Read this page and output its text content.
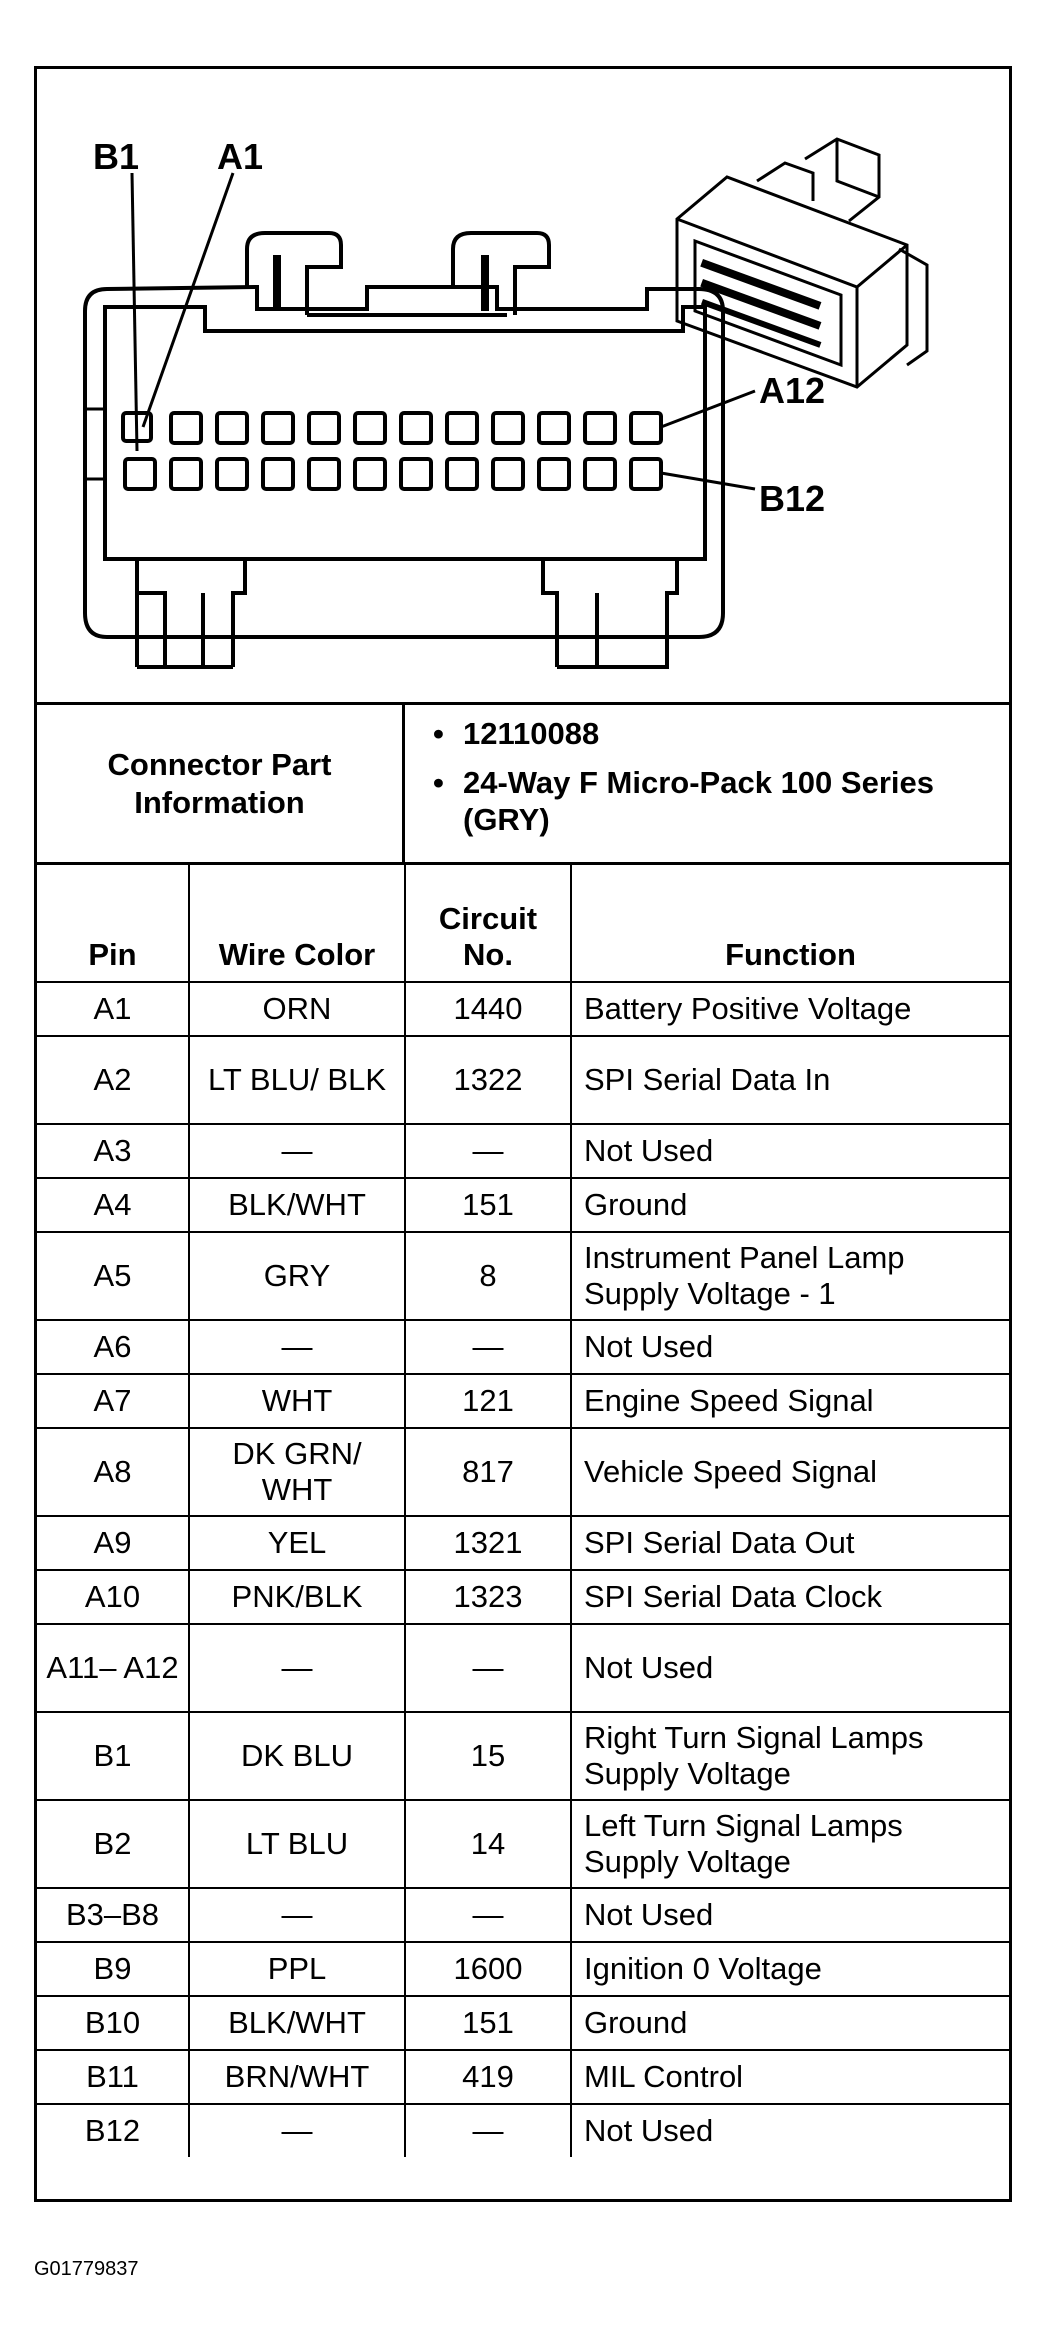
B1 A1
A12
B12
Connector Part Information
• 12110088
• 24-Way F Micro-Pack 100 Series (GRY)
Pin	Wire Color	Circuit No.	Function
A1	ORN	1440	Battery Positive Voltage
A2	LT BLU/ BLK	1322	SPI Serial Data In
A3	—	—	Not Used
A4	BLK/WHT	151	Ground
A5	GRY	8	Instrument Panel Lamp Supply Voltage - 1
A6	—	—	Not Used
A7	WHT	121	Engine Speed Signal
A8	DK GRN/ WHT	817	Vehicle Speed Signal
A9	YEL	1321	SPI Serial Data Out
A10	PNK/BLK	1323	SPI Serial Data Clock
A11– A12	—	—	Not Used
B1	DK BLU	15	Right Turn Signal Lamps Supply Voltage
B2	LT BLU	14	Left Turn Signal Lamps Supply Voltage
B3–B8	—	—	Not Used
B9	PPL	1600	Ignition 0 Voltage
B10	BLK/WHT	151	Ground
B11	BRN/WHT	419	MIL Control
B12	—	—	Not Used
G01779837
